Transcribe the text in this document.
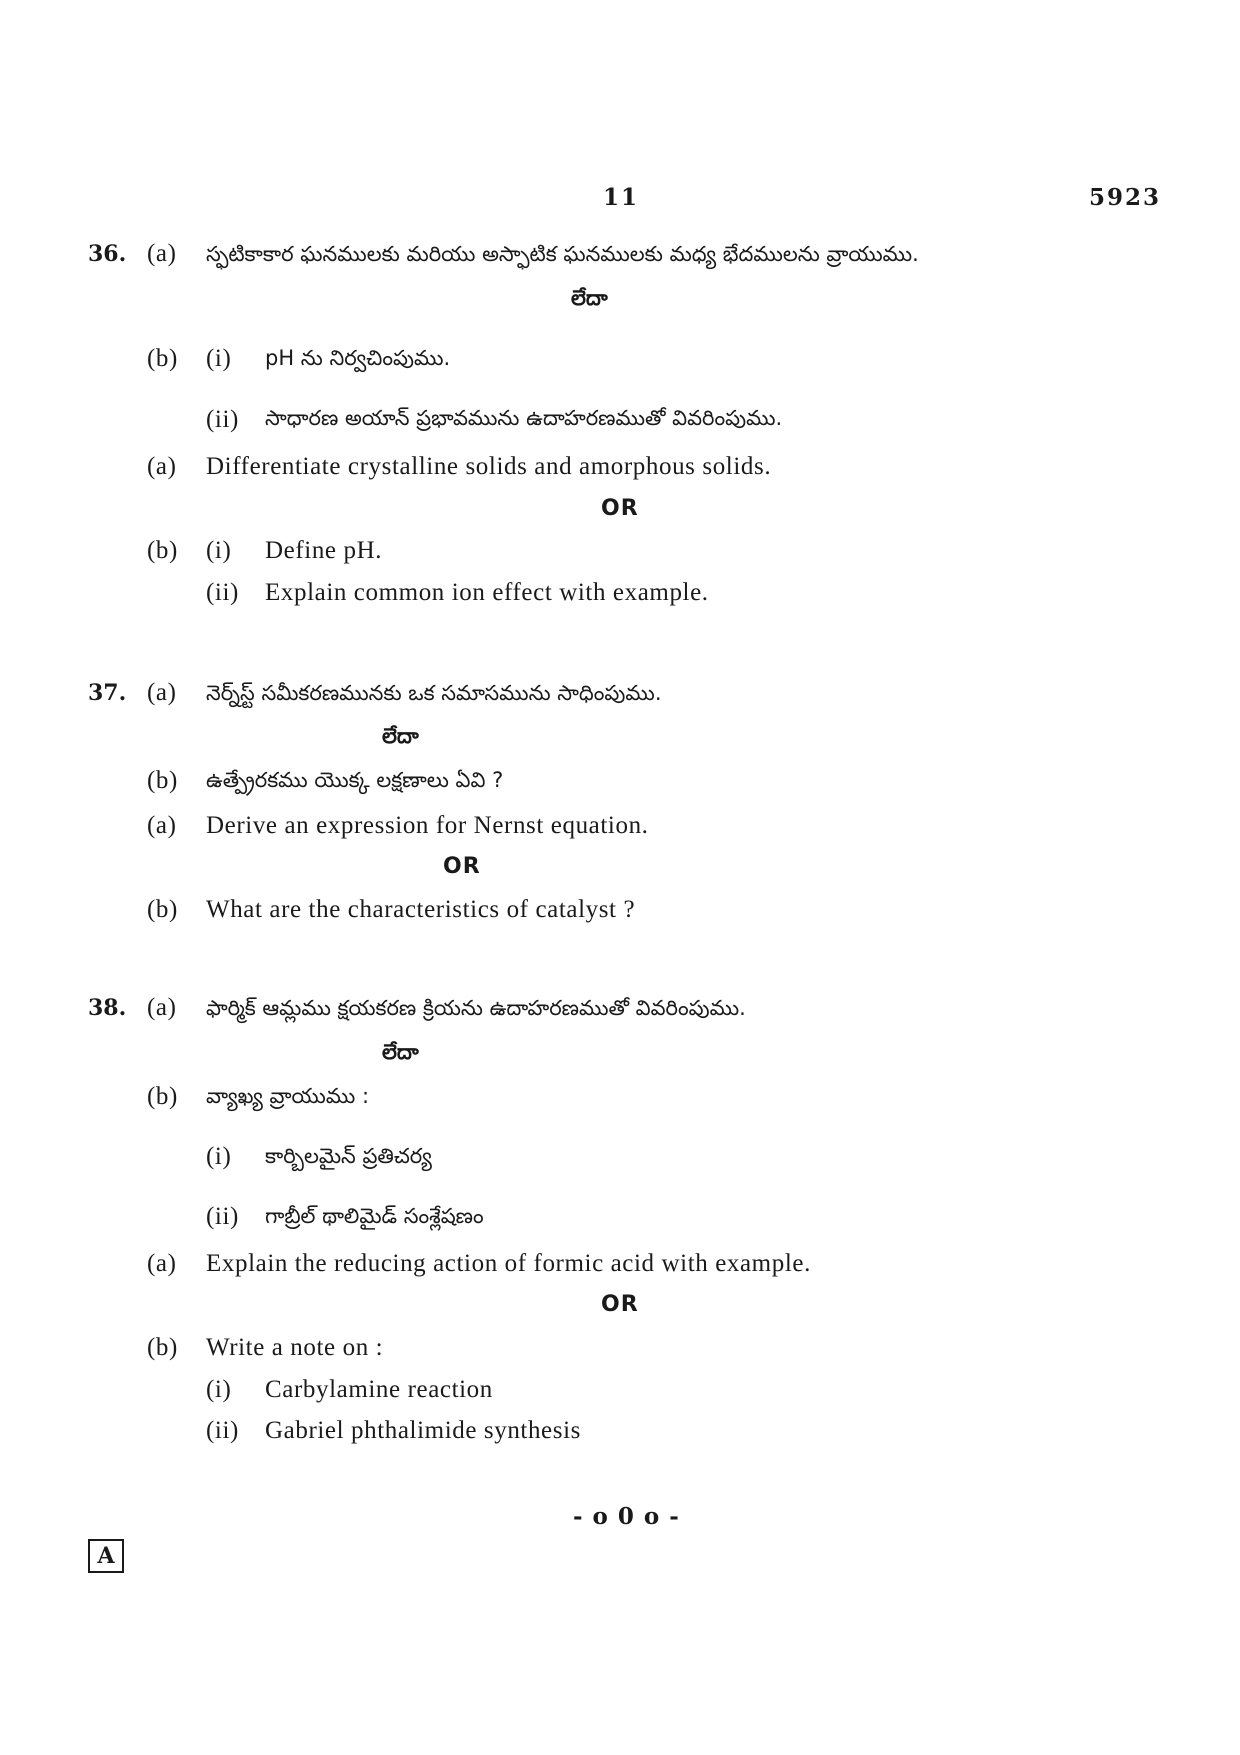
11	5923
36. (a) స్ఫటికాకార ఘనములకు మరియు అస్ఫాటిక ఘనములకు మధ్య భేదములను వ్రాయుము.
లేదా
(b) (i) pH ను నిర్వచింపుము.
(ii) సాధారణ అయాన్ ప్రభావమును ఉదాహరణముతో వివరింపుము.
(a) Differentiate crystalline solids and amorphous solids.
OR
(b) (i) Define pH.
(ii) Explain common ion effect with example.
37. (a) నెర్న్‌స్ట్ సమీకరణమునకు ఒక సమాసమును సాధింపుము.
లేదా
(b) ఉత్ప్రేరకము యొక్క లక్షణాలు ఏవి ?
(a) Derive an expression for Nernst equation.
OR
(b) What are the characteristics of catalyst ?
38. (a) ఫార్మిక్ ఆమ్లము క్షయకరణ క్రియను ఉదాహరణముతో వివరింపుము.
లేదా
(b) వ్యాఖ్య వ్రాయుము :
(i) కార్బిలమైన్ ప్రతిచర్య
(ii) గాబ్రీల్ థాలిమైడ్ సంశ్లేషణం
(a) Explain the reducing action of formic acid with example.
OR
(b) Write a note on :
(i) Carbylamine reaction
(ii) Gabriel phthalimide synthesis
- o 0 o -
A
